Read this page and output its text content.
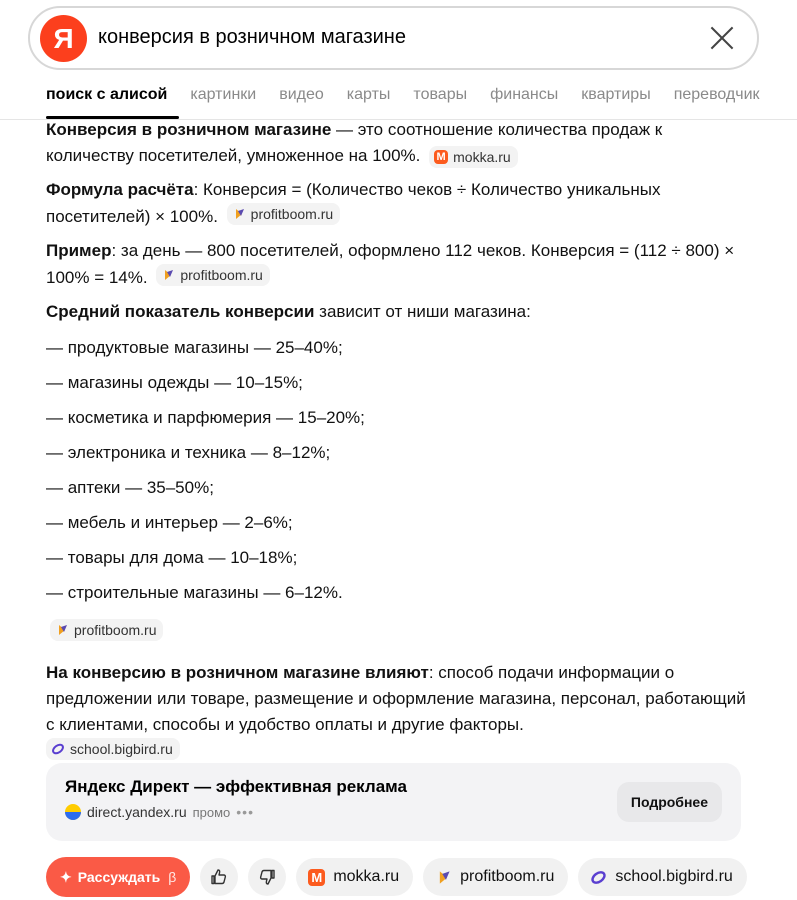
Я
конверсия в розничном магазине
поиск с алисой картинки видео карты товары финансы квартиры переводчик

Конверсия в розничном магазине — это соотношение количества продаж к количеству посетителей, умноженное на 100%. M mokka.ru

Формула расчёта: Конверсия = (Количество чеков ÷ Количество уникальных посетителей) × 100%. profitboom.ru

Пример: за день — 800 посетителей, оформлено 112 чеков. Конверсия = (112 ÷ 800) × 100% = 14%. profitboom.ru

Средний показатель конверсии зависит от ниши магазина:

— продуктовые магазины — 25–40%;
— магазины одежды — 10–15%;
— косметика и парфюмерия — 15–20%;
— электроника и техника — 8–12%;
— аптеки — 35–50%;
— мебель и интерьер — 2–6%;
— товары для дома — 10–18%;
— строительные магазины — 6–12%.
profitboom.ru

На конверсию в розничном магазине влияют: способ подачи информации о предложении или товаре, размещение и оформление магазина, персонал, работающий с клиентами, способы и удобство оплаты и другие факторы.

school.bigbird.ru

Яндекс Директ — эффективная реклама
direct.yandex.ru промо •••
Подробнее
✦ Рассуждать β	M mokka.ru	profitboom.ru	school.bigbird.ru
